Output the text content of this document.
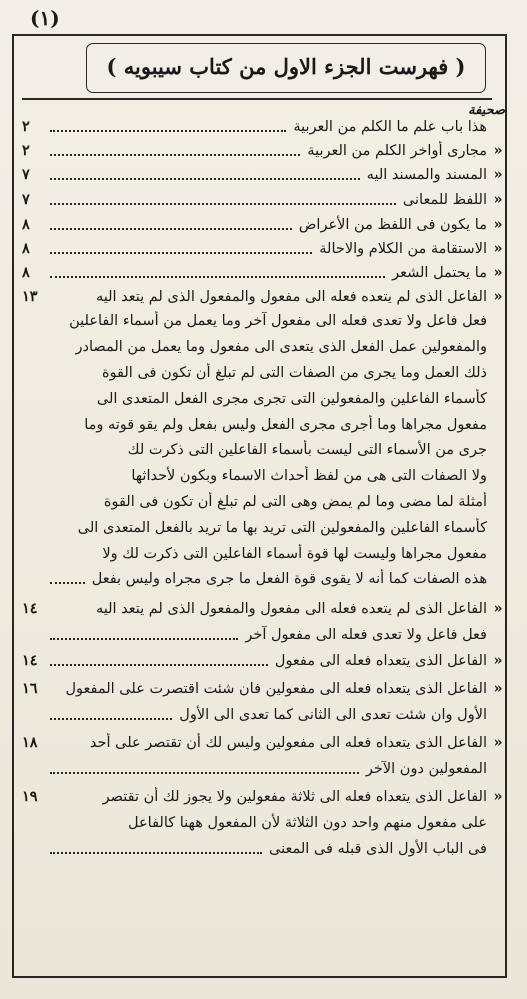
(١)
( فهرست الجزء الاول من كتاب سيبويه )
صحيفة
هذا باب علم ما الكلم من العربية
٢
«
مجارى أواخر الكلم من العربية
٢
«
المسند والمسند اليه
٧
«
اللفظ للمعانى
٧
«
ما يكون فى اللفظ من الأعراض
٨
«
الاستقامة من الكلام والاحالة
٨
«
ما يحتمل الشعر
٨
«
الفاعل الذى لم يتعده فعله الى مفعول والمفعول الذى لم يتعد اليه
١٣
فعل فاعل ولا تعدى فعله الى مفعول آخر وما يعمل من أسماء الفاعلين
والمفعولين عمل الفعل الذى يتعدى الى مفعول وما يعمل من المصادر
ذلك العمل وما يجرى من الصفات التى لم تبلغ أن تكون فى القوة
كأسماء الفاعلين والمفعولين التى تجرى مجرى الفعل المتعدى الى
مفعول مجراها وما أجرى مجرى الفعل وليس بفعل ولم يقو قوته وما
جرى من الأسماء التى ليست بأسماء الفاعلين التى ذكرت لك
ولا الصفات التى هى من لفظ أحداث الاسماء وبكون لأحداثها
أمثلة لما مضى وما لم يمض وهى التى لم تبلغ أن تكون فى القوة
كأسماء الفاعلين والمفعولين التى تريد بها ما تريد بالفعل المتعدى الى
مفعول مجراها وليست لها قوة أسماء الفاعلين التى ذكرت لك ولا
هذه الصفات كما أنه لا يقوى قوة الفعل ما جرى مجراه وليس بفعل
«
الفاعل الذى لم يتعده فعله الى مفعول والمفعول الذى لم يتعد اليه
١٤
فعل فاعل ولا تعدى فعله الى مفعول آخر
«
الفاعل الذى يتعداه فعله الى مفعول
١٤
«
الفاعل الذى يتعداه فعله الى مفعولين فان شئت اقتصرت على المفعول
١٦
الأول وان شئت تعدى الى الثانى كما تعدى الى الأول
«
الفاعل الذى يتعداه فعله الى مفعولين وليس لك أن تقتصر على أحد
١٨
المفعولين دون الآخر
«
الفاعل الذى يتعداه فعله الى ثلاثة مفعولين ولا يجوز لك أن تقتصر
١٩
على مفعول منهم واحد دون الثلاثة لأن المفعول ههنا كالفاعل
فى الباب الأول الذى قبله فى المعنى
